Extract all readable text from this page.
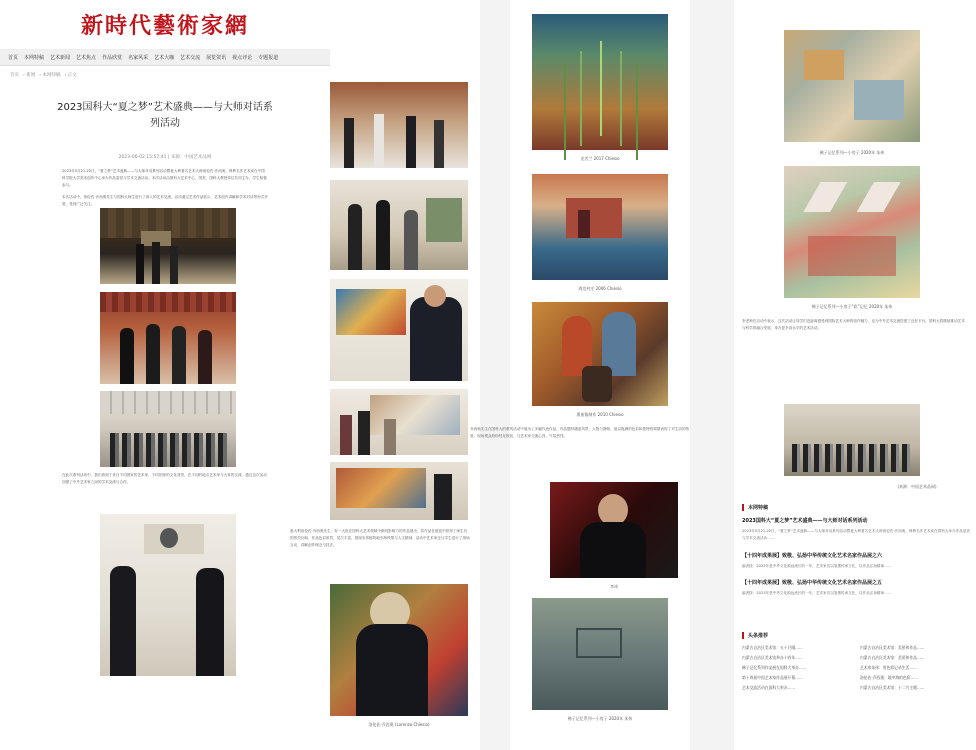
新時代藝術家網
首页 本网特稿 艺术新闻 艺术焦点 作品欣赏 名家风采 艺术大咖 艺术交流 展览资讯 视点评论 专题报道
首页 › 新闻 › 本网特稿 › 正文
2023国科大“夏之梦”艺术盛典——与大师对话系列活动
2023-06-02 15:57:41 | 来源：中国艺术品网
2023年5月21-22日，“夏之梦”艺术盛典——与大师对话系列活动暨意大利著名艺术大师洛伦佐·乔西奥、保利名作艺术家在中国科学院大学美术创作中心举办作品鉴赏与学术交流活动。本次活动由国科大艺术中心、国美、国科大教授单位共同主办，学生积极参与。
本次活动中，洛伦佐·乔西奥先生与国科大师生进行了深入的艺术交流，活动通过艺术作品展示、艺术创作讲解和学术对话等形式开展，受到广泛关注。
在此次系列活动中，我们看到了来自不同国家的艺术家，不同国家的文化背景，在不同的地点艺术家与大家的交流，通过这次活动加强了中外艺术家之间的学术交流与合作。
意大利洛伦佐·乔西奥先生，有一大批在国科大艺术领域中颇具影响力的作品展出，其作品在展览中获得了师生们的热烈反响，作品色彩浓烈，层次丰富，展现出浓郁的地中海风情与人文精神，活动中艺术家还与学生进行了现场互动，讲解创作理念与技法。
洛伦佐·乔西奥 (Lorenzo Chiesio)
龙舌兰 2017 Chiesio
海边村庄 2006 Chiesio
番茄酱制作 2010 Chiesio
乔西奥先生在国科大的系列活动中展出了多幅代表作品，作品题材涵盖风景、人物与静物，他以饱满的色彩和独特的构图表现了对生活的热爱。现场观众纷纷驻足欣赏，与艺术家交流心得，气氛热烈。
李涛
佛子记忆系列—小房子 2020年 朱伟
佛子记忆系列—小房子 2020年 朱伟
佛子记忆系列—小房子“彩”记忆 2020年 朱伟
李老师在活动中表示，这次活动让同学们近距离感受到国际艺术大师的创作魅力，也为中外艺术交流搭建了良好平台。国科大将继续推动艺术与科学的融合发展，举办更多高水平的艺术活动。
(来源：中国艺术品网)
本网特稿
2023国科大“夏之梦”艺术盛典——与大师对话系列活动
2023年5月21-22日，“夏之梦”艺术盛典——与大师对话系列活动暨意大利著名艺术大师洛伦佐·乔西奥、保利名作艺术家在国科大举办作品鉴赏与学术交流活动……
【十四年成果展】致敬、弘扬中华传统文化艺术名家作品展之六
编者按：2023年是中华文化源远流长的一年，艺术家们以笔墨传承文化，以作品弘扬精神……
【十四年成果展】致敬、弘扬中华传统文化艺术名家作品展之五
编者按：2023年是中华文化源远流长的一年，艺术家们以笔墨传承文化，以作品弘扬精神……
头条推荐
内蒙古自治区美术馆：五十只眼……	内蒙古自治区美术馆：美景和作品……
内蒙古自治区美术馆举办十四年……	内蒙古自治区美术馆：美景和作品……
佛子记忆系列作品展在国科大举办……	艺术家朱伟：用色彩记录生活……
第十四届中国艺术家作品展开幕……	洛伦佐·乔西奥：地中海的色彩……
艺术交流活动在国科大举办……	内蒙古自治区美术馆：十二月主题……
